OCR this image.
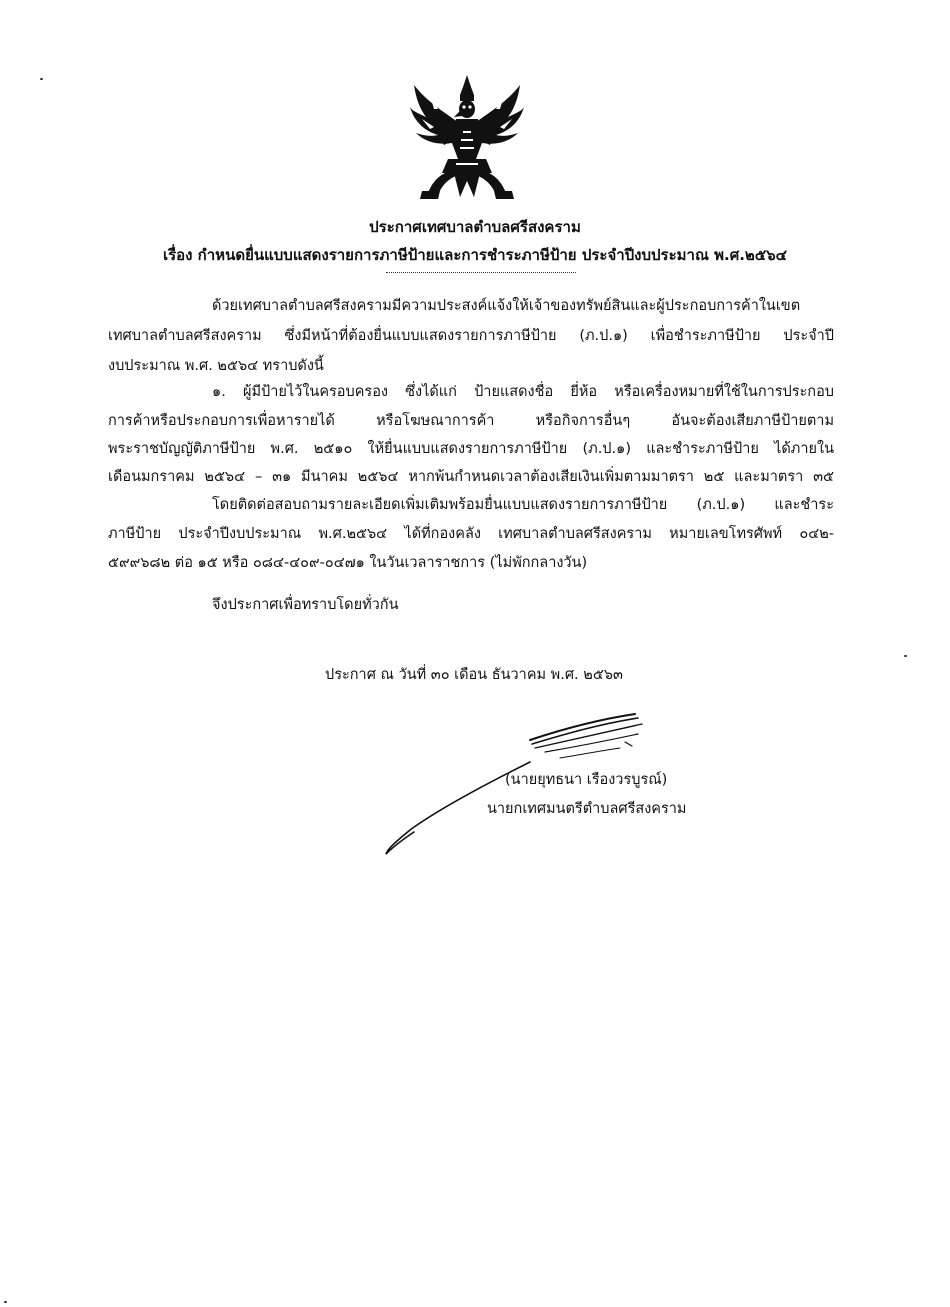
ประกาศเทศบาลตำบลศรีสงคราม
เรื่อง กำหนดยื่นแบบแสดงรายการภาษีป้ายและการชำระภาษีป้าย ประจำปีงบประมาณ พ.ศ.๒๕๖๔
ด้วยเทศบาลตำบลศรีสงครามมีความประสงค์แจ้งให้เจ้าของทรัพย์สินและผู้ประกอบการค้าในเขต
เทศบาลตำบลศรีสงคราม ซึ่งมีหน้าที่ต้องยื่นแบบแสดงรายการภาษีป้าย (ภ.ป.๑) เพื่อชำระภาษีป้าย ประจำปี
งบประมาณ พ.ศ. ๒๕๖๔ ทราบดังนี้
๑. ผู้มีป้ายไว้ในครอบครอง ซึ่งได้แก่ ป้ายแสดงชื่อ ยี่ห้อ หรือเครื่องหมายที่ใช้ในการประกอบ
การค้าหรือประกอบการเพื่อหารายได้ หรือโฆษณาการค้า หรือกิจการอื่นๆ อันจะต้องเสียภาษีป้ายตาม
พระราชบัญญัติภาษีป้าย พ.ศ. ๒๕๑๐ ให้ยื่นแบบแสดงรายการภาษีป้าย (ภ.ป.๑) และชำระภาษีป้าย ได้ภายใน
เดือนมกราคม ๒๕๖๔ – ๓๑ มีนาคม ๒๕๖๔ หากพ้นกำหนดเวลาต้องเสียเงินเพิ่มตามมาตรา ๒๕ และมาตรา ๓๕
โดยติดต่อสอบถามรายละเอียดเพิ่มเติมพร้อมยื่นแบบแสดงรายการภาษีป้าย (ภ.ป.๑) และชำระ
ภาษีป้าย ประจำปีงบประมาณ พ.ศ.๒๕๖๔ ได้ที่กองคลัง เทศบาลตำบลศรีสงคราม หมายเลขโทรศัพท์ ๐๔๒-
๕๙๙๖๘๒ ต่อ ๑๕ หรือ ๐๘๔-๔๐๙-๐๔๗๑ ในวันเวลาราชการ (ไม่พักกลางวัน)
จึงประกาศเพื่อทราบโดยทั่วกัน
ประกาศ ณ วันที่ ๓๐ เดือน ธันวาคม พ.ศ. ๒๕๖๓
(นายยุทธนา เรืองวรบูรณ์)
นายกเทศมนตรีตำบลศรีสงคราม
